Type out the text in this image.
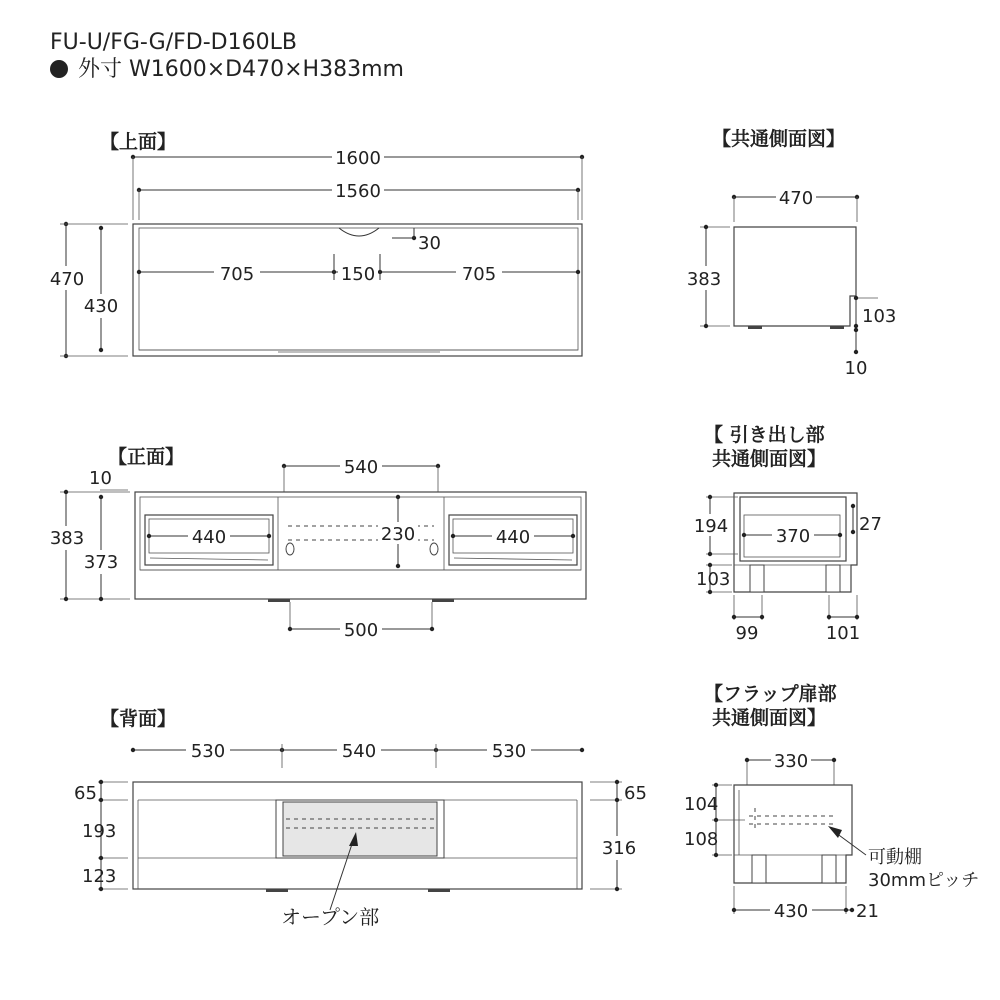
FU-U/FG-G/FD-D160LB
外寸 W1600×D470×H383mm
【上面】
1600
1560
30
705	150	705
470
430
【正面】
10
540
440	440
230
500
383
373
【背面】
530	540	530
オープン部
65
193
123
65
316
【共通側面図】
470
383
103
10
【 引き出し部
共通側面図】
194	370
27
103
99	101
【フラップ扉部
共通側面図】
330
104
108
可動棚
30mmピッチ
430	21
